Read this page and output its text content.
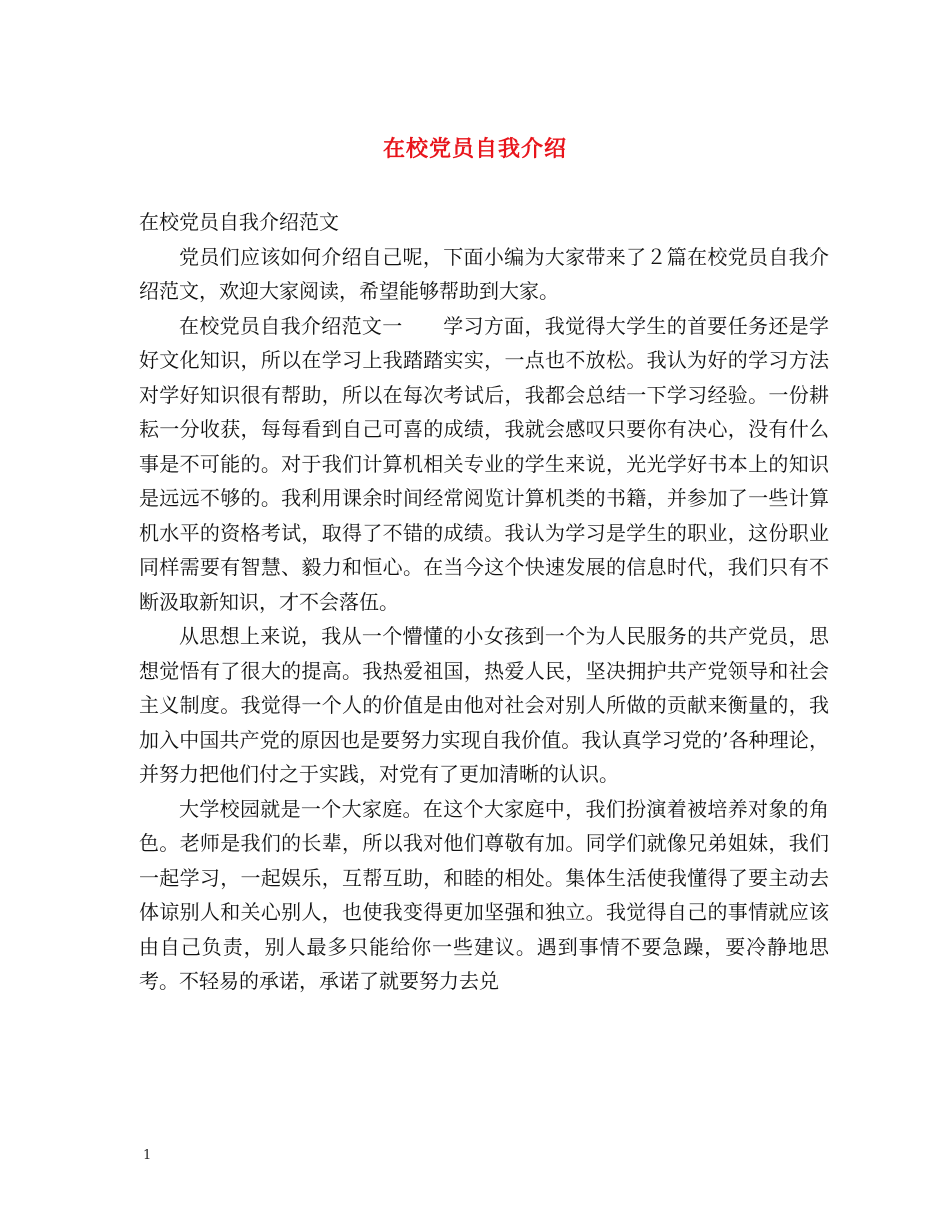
在校党员自我介绍

在校党员自我介绍范文

党员们应该如何介绍自己呢，下面小编为大家带来了２篇在校党员自我介绍范文，欢迎大家阅读，希望能够帮助到大家。

在校党员自我介绍范文一　　学习方面，我觉得大学生的首要任务还是学好文化知识，所以在学习上我踏踏实实，一点也不放松。我认为好的学习方法对学好知识很有帮助，所以在每次考试后，我都会总结一下学习经验。一份耕耘一分收获，每每看到自己可喜的成绩，我就会感叹只要你有决心，没有什么事是不可能的。对于我们计算机相关专业的学生来说，光光学好书本上的知识是远远不够的。我利用课余时间经常阅览计算机类的书籍，并参加了一些计算机水平的资格考试，取得了不错的成绩。我认为学习是学生的职业，这份职业同样需要有智慧、毅力和恒心。在当今这个快速发展的信息时代，我们只有不断汲取新知识，才不会落伍。

从思想上来说，我从一个懵懂的小女孩到一个为人民服务的共产党员，思想觉悟有了很大的提高。我热爱祖国，热爱人民，坚决拥护共产党领导和社会主义制度。我觉得一个人的价值是由他对社会对别人所做的贡献来衡量的，我加入中国共产党的原因也是要努力实现自我价值。我认真学习党的’各种理论，并努力把他们付之于实践，对党有了更加清晰的认识。

大学校园就是一个大家庭。在这个大家庭中，我们扮演着被培养对象的角色。老师是我们的长辈，所以我对他们尊敬有加。同学们就像兄弟姐妹，我们一起学习，一起娱乐，互帮互助，和睦的相处。集体生活使我懂得了要主动去体谅别人和关心别人，也使我变得更加坚强和独立。我觉得自己的事情就应该由自己负责，别人最多只能给你一些建议。遇到事情不要急躁，要冷静地思考。不轻易的承诺，承诺了就要努力去兑

1
